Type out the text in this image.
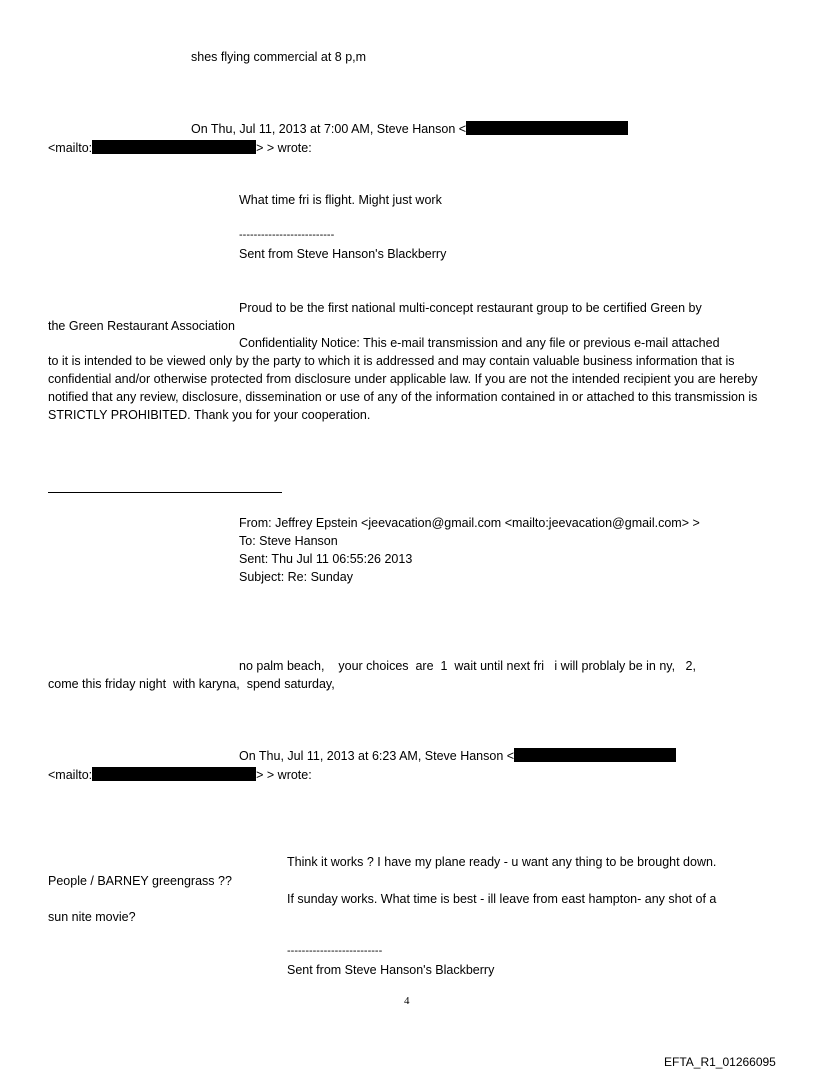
shes flying commercial at 8 p,m
On Thu, Jul 11, 2013 at 7:00 AM, Steve Hanson <
<mailto:	> > wrote:
What time fri is flight. Might just work
--------------------------
Sent from Steve Hanson's Blackberry
Proud to be the first national multi-concept restaurant group to be certified Green by
the Green Restaurant Association
Confidentiality Notice: This e-mail transmission and any file or previous e-mail attached
to it is intended to be viewed only by the party to which it is addressed and may contain valuable business information that is confidential and/or otherwise protected from disclosure under applicable law. If you are not the intended recipient you are hereby notified that any review, disclosure, dissemination or use of any of the information contained in or attached to this transmission is STRICTLY PROHIBITED. Thank you for your cooperation.
From: Jeffrey Epstein <jeevacation@gmail.com <mailto:jeevacation@gmail.com> >
To: Steve Hanson
Sent: Thu Jul 11 06:55:26 2013
Subject: Re: Sunday
no palm beach,    your choices  are  1  wait until next fri   i will problaly be in ny,   2,
come this friday night  with karyna,  spend saturday,
On Thu, Jul 11, 2013 at 6:23 AM, Steve Hanson <
<mailto:	> > wrote:
Think it works ? I have my plane ready - u want any thing to be brought down.
People / BARNEY greengrass ??
If sunday works. What time is best - ill leave from east hampton- any shot of a
sun nite movie?
--------------------------
Sent from Steve Hanson's Blackberry
4
EFTA_R1_01266095
